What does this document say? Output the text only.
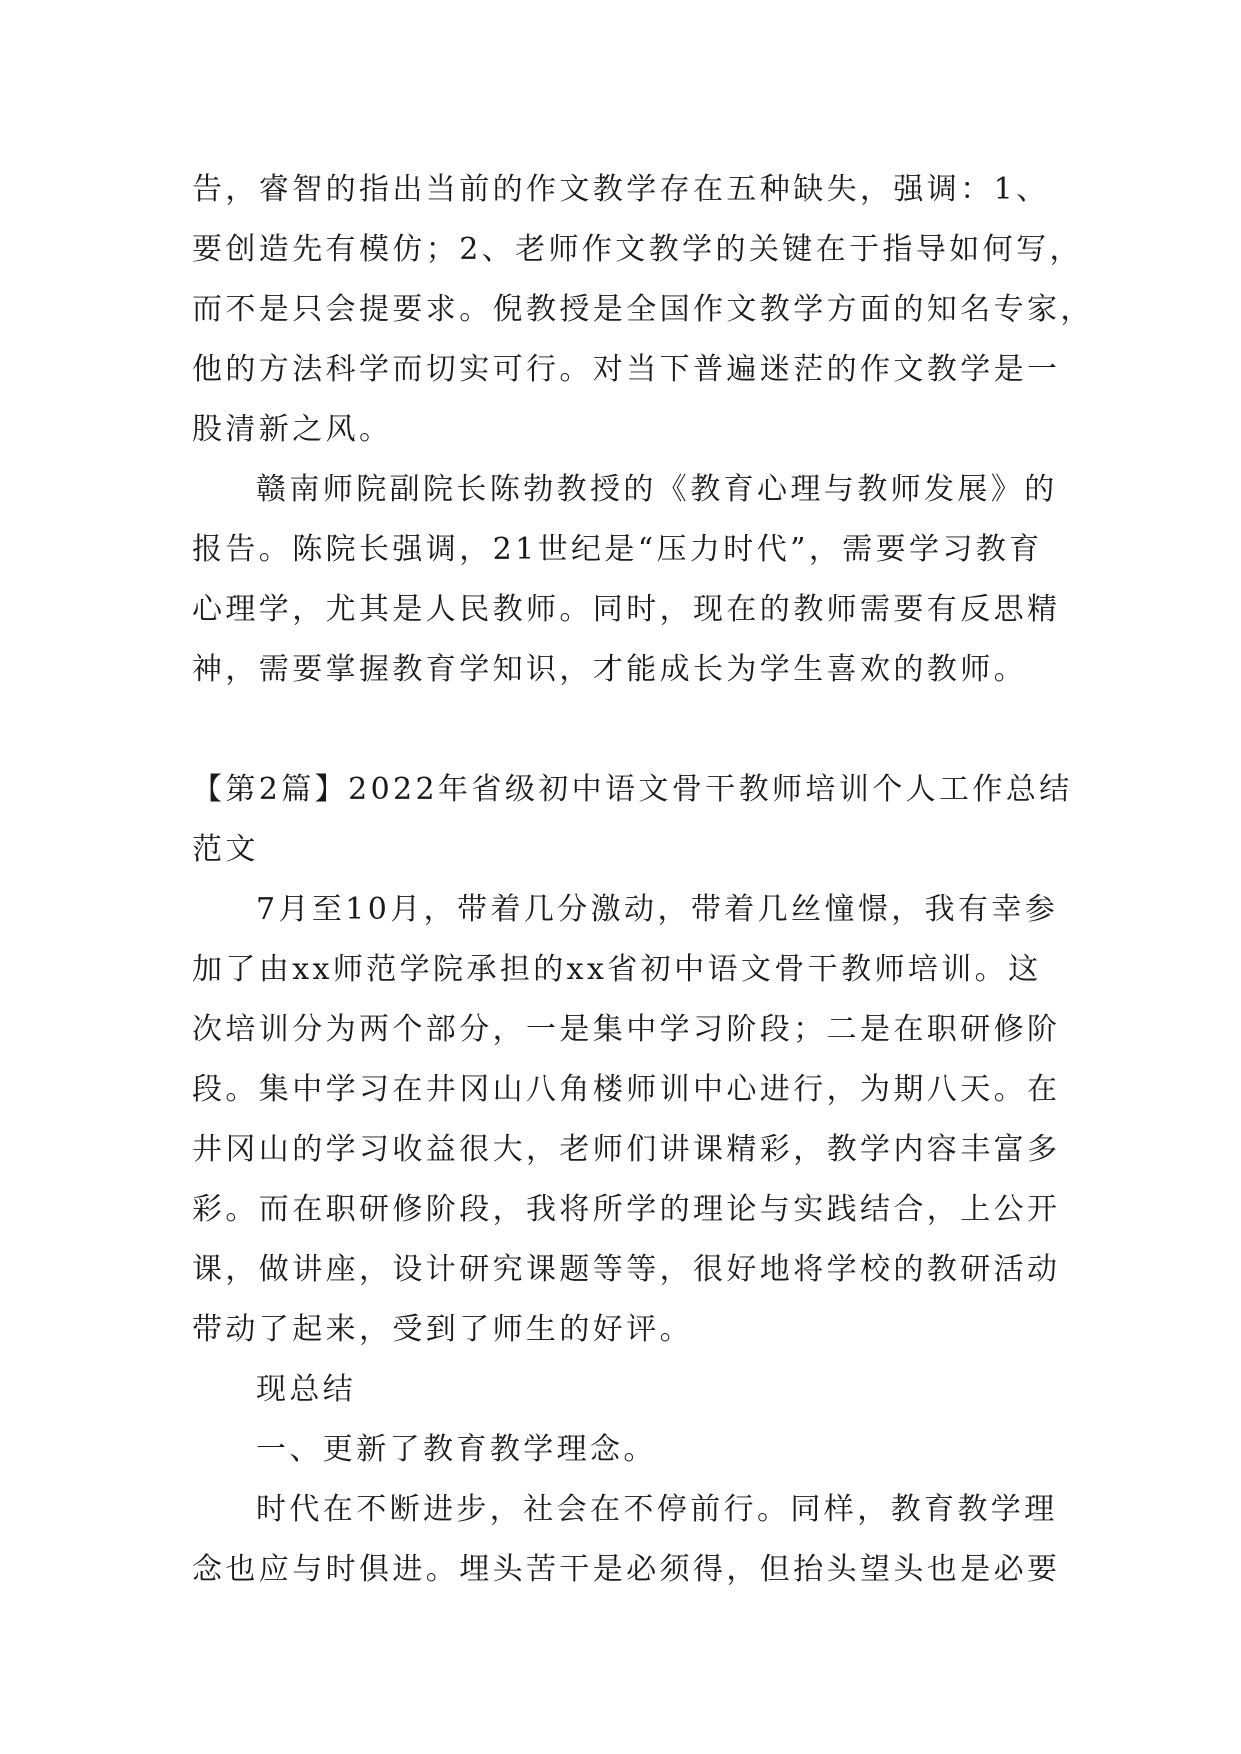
告，睿智的指出当前的作文教学存在五种缺失，强调：1、
要创造先有模仿；2、老师作文教学的关键在于指导如何写，
而不是只会提要求。倪教授是全国作文教学方面的知名专家，
他的方法科学而切实可行。对当下普遍迷茫的作文教学是一
股清新之风。
赣南师院副院长陈勃教授的《教育心理与教师发展》的
报告。陈院长强调，21世纪是“压力时代”，需要学习教育
心理学，尤其是人民教师。同时，现在的教师需要有反思精
神，需要掌握教育学知识，才能成长为学生喜欢的教师。
【第2篇】2022年省级初中语文骨干教师培训个人工作总结
范文
7月至10月，带着几分激动，带着几丝憧憬，我有幸参
加了由xx师范学院承担的xx省初中语文骨干教师培训。这
次培训分为两个部分，一是集中学习阶段；二是在职研修阶
段。集中学习在井冈山八角楼师训中心进行，为期八天。在
井冈山的学习收益很大，老师们讲课精彩，教学内容丰富多
彩。而在职研修阶段，我将所学的理论与实践结合，上公开
课，做讲座，设计研究课题等等，很好地将学校的教研活动
带动了起来，受到了师生的好评。
现总结
一、更新了教育教学理念。
时代在不断进步，社会在不停前行。同样，教育教学理
念也应与时俱进。埋头苦干是必须得，但抬头望头也是必要
